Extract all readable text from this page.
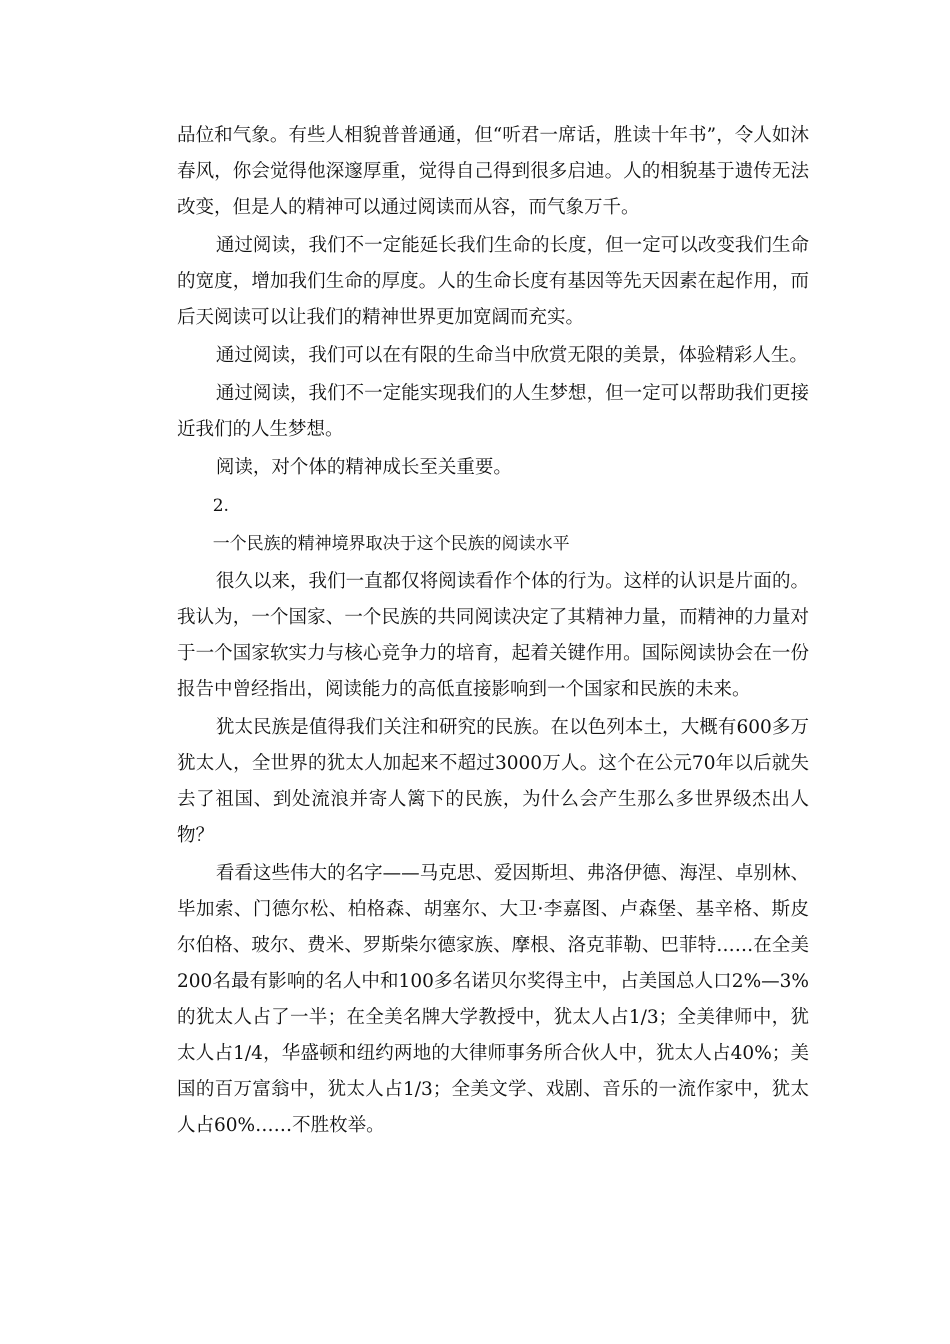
品位和气象。有些人相貌普普通通，但“听君一席话，胜读十年书”，令人如沐春风，你会觉得他深邃厚重，觉得自己得到很多启迪。人的相貌基于遗传无法改变，但是人的精神可以通过阅读而从容，而气象万千。

通过阅读，我们不一定能延长我们生命的长度，但一定可以改变我们生命的宽度，增加我们生命的厚度。人的生命长度有基因等先天因素在起作用，而后天阅读可以让我们的精神世界更加宽阔而充实。

通过阅读，我们可以在有限的生命当中欣赏无限的美景，体验精彩人生。

通过阅读，我们不一定能实现我们的人生梦想，但一定可以帮助我们更接近我们的人生梦想。

阅读，对个体的精神成长至关重要。

2.

一个民族的精神境界取决于这个民族的阅读水平

很久以来，我们一直都仅将阅读看作个体的行为。这样的认识是片面的。我认为，一个国家、一个民族的共同阅读决定了其精神力量，而精神的力量对于一个国家软实力与核心竞争力的培育，起着关键作用。国际阅读协会在一份报告中曾经指出，阅读能力的高低直接影响到一个国家和民族的未来。

犹太民族是值得我们关注和研究的民族。在以色列本土，大概有600多万犹太人，全世界的犹太人加起来不超过3000万人。这个在公元70年以后就失去了祖国、到处流浪并寄人篱下的民族，为什么会产生那么多世界级杰出人物？

看看这些伟大的名字——马克思、爱因斯坦、弗洛伊德、海涅、卓别林、毕加索、门德尔松、柏格森、胡塞尔、大卫·李嘉图、卢森堡、基辛格、斯皮尔伯格、玻尔、费米、罗斯柴尔德家族、摩根、洛克菲勒、巴菲特……在全美200名最有影响的名人中和100多名诺贝尔奖得主中，占美国总人口2%—3%的犹太人占了一半；在全美名牌大学教授中，犹太人占1/3；全美律师中，犹太人占1/4，华盛顿和纽约两地的大律师事务所合伙人中，犹太人占40%；美国的百万富翁中，犹太人占1/3；全美文学、戏剧、音乐的一流作家中，犹太人占60%……不胜枚举。
